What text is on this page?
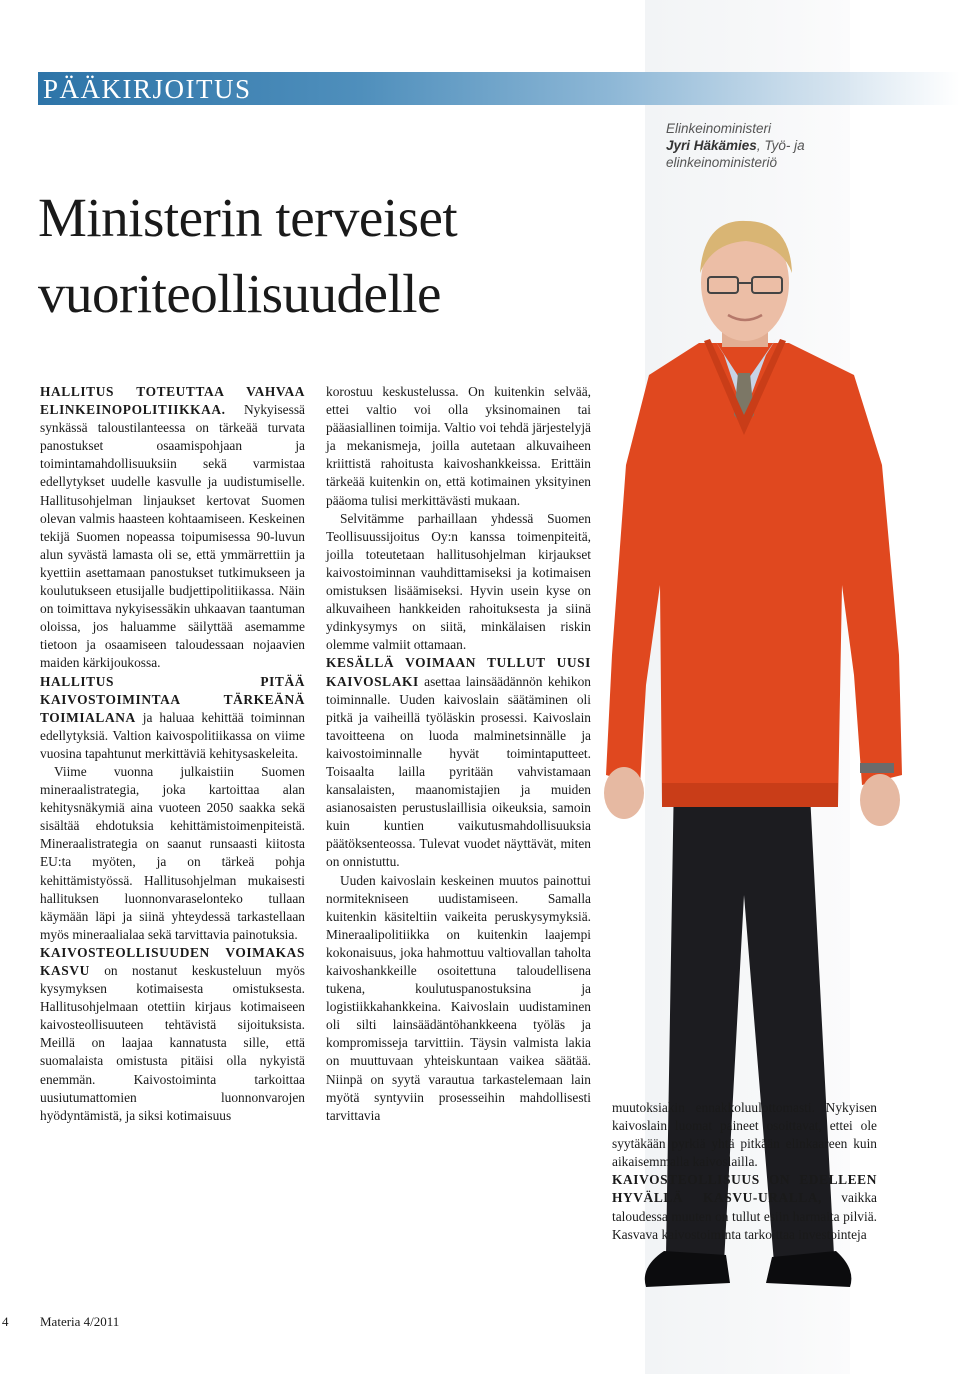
PÄÄKIRJOITUS
Elinkeinoministeri
Jyri Häkämies, Työ- ja elinkeinoministeriö
Ministerin terveiset
vuoriteollisuudelle

HALLITUS TOTEUTTAA VAHVAA ELINKEINOPOLITIIKKAA. Nykyisessä synkässä taloustilanteessa on tärkeää turvata panostukset osaamispohjaan ja toimintamahdollisuuksiin sekä varmistaa edellytykset uudelle kasvulle ja uudistumiselle. Hallitusohjelman linjaukset kertovat Suomen olevan valmis haasteen kohtaamiseen. Keskeinen tekijä Suomen nopeassa toipumisessa 90-luvun alun syvästä lamasta oli se, että ymmärrettiin ja kyettiin asettamaan panostukset tutkimukseen ja koulutukseen etusijalle budjettipolitiikassa. Näin on toimittava nykyisessäkin uhkaavan taantuman oloissa, jos haluamme säilyttää asemamme tietoon ja osaamiseen taloudessaan nojaavien maiden kärkijoukossa.

HALLITUS PITÄÄ KAIVOSTOIMINTAA TÄRKEÄNÄ TOIMIALANA ja haluaa kehittää toiminnan edellytyksiä. Valtion kaivospolitiikassa on viime vuosina tapahtunut merkittäviä kehitysaskeleita.

Viime vuonna julkaistiin Suomen mineraalistrategia, joka kartoittaa alan kehitysnäkymiä aina vuoteen 2050 saakka sekä sisältää ehdotuksia kehittämistoimenpiteistä. Mineraalistrategia on saanut runsaasti kiitosta EU:ta myöten, ja on tärkeä pohja kehittämistyössä. Hallitusohjelman mukaisesti hallituksen luonnonvaraselonteko tullaan käymään läpi ja siinä yhteydessä tarkastellaan myös mineraalialaa sekä tarvittavia painotuksia.

KAIVOSTEOLLISUUDEN VOIMAKAS KASVU on nostanut keskusteluun myös kysymyksen kotimaisesta omistuksesta. Hallitusohjelmaan otettiin kirjaus kotimaiseen kaivosteollisuuteen tehtävistä sijoituksista. Meillä on laajaa kannatusta sille, että suomalaista omistusta pitäisi olla nykyistä enemmän. Kaivostoiminta tarkoittaa uusiutumattomien luonnonvarojen hyödyntämistä, ja siksi kotimaisuus

korostuu keskustelussa. On kuitenkin selvää, ettei valtio voi olla yksinomainen tai pääasiallinen toimija. Valtio voi tehdä järjestelyjä ja mekanismeja, joilla autetaan alkuvaiheen kriittistä rahoitusta kaivoshankkeissa. Erittäin tärkeää kuitenkin on, että kotimainen yksityinen pääoma tulisi merkittävästi mukaan.

Selvitämme parhaillaan yhdessä Suomen Teollisuussijoitus Oy:n kanssa toimenpiteitä, joilla toteutetaan hallitusohjelman kirjaukset kaivostoiminnan vauhdittamiseksi ja kotimaisen omistuksen lisäämiseksi. Hyvin usein kyse on alkuvaiheen hankkeiden rahoituksesta ja siinä ydinkysymys on siitä, minkälaisen riskin olemme valmiit ottamaan.

KESÄLLÄ VOIMAAN TULLUT UUSI KAIVOSLAKI asettaa lainsäädännön kehikon toiminnalle. Uuden kaivoslain säätäminen oli pitkä ja vaiheillä työläskin prosessi. Kaivoslain tavoitteena on luoda malminetsinnälle ja kaivostoiminnalle hyvät toimintaputteet. Toisaalta lailla pyritään vahvistamaan kansalaisten, maanomistajien ja muiden asianosaisten perustuslaillisia oikeuksia, samoin kuin kuntien vaikutusmahdollisuuksia päätöksenteossa. Tulevat vuodet näyttävät, miten on onnistuttu.

Uuden kaivoslain keskeinen muutos painottui normitekniseen uudistamiseen. Samalla kuitenkin käsiteltiin vaikeita peruskysymyksiä. Mineraalipolitiikka on kuitenkin laajempi kokonaisuus, joka hahmottuu valtiovallan taholta kaivoshankkeille osoitettuna taloudellisena tukena, koulutuspanostuksina ja logistiikkahankkeina. Kaivoslain uudistaminen oli silti lainsäädäntöhankkeena työläs ja kompromisseja tarvittiin. Täysin valmista lakia on muuttuvaan yhteiskuntaan vaikea säätää. Niinpä on syytä varautua tarkastelemaan lain myötä syntyviin prosesseihin mahdollisesti tarvittavia

muutoksiakin ennakkoluulottomasti. Nykyisen kaivoslain luomat paineet osoittavat, ettei ole syytäkään pyrkiä yhtä pitkään elinkaareen kuin aikaisemmalla kaivoslailla.

KAIVOSTEOLLISUUS ON EDELLEEN HYVÄLLÄ KASVU-URALLA, vaikka taloudessa muuten on tullut esiin harmaita pilviä. Kasvava kaivostoiminta tarkoittaa investointeja

4 Materia 4/2011
